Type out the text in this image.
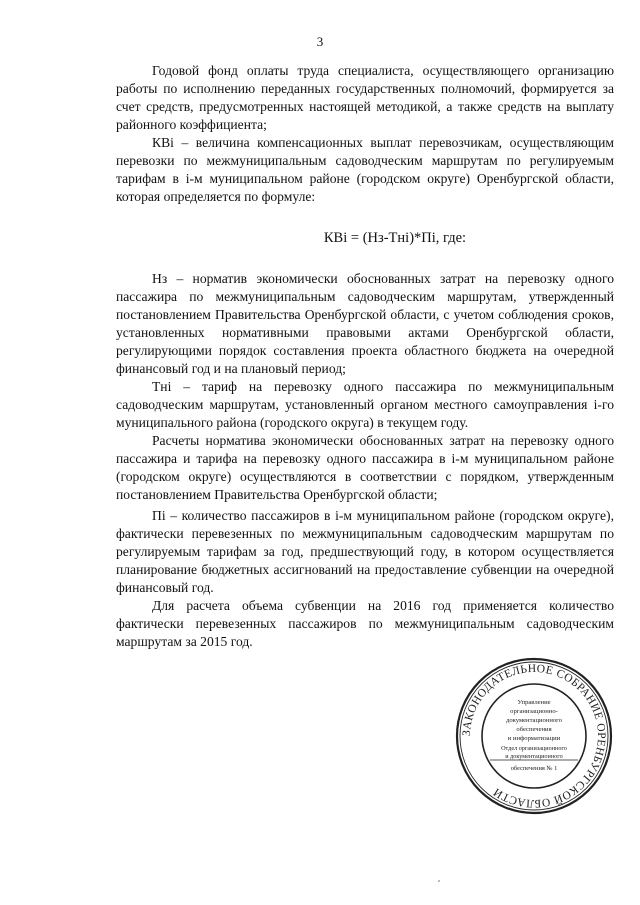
3

Годовой фонд оплаты труда специалиста, осуществляющего организацию работы по исполнению переданных государственных полномочий, формируется за счет средств, предусмотренных настоящей методикой, а также средств на выплату районного коэффициента;

КВi – величина компенсационных выплат перевозчикам, осуществляющим перевозки по межмуниципальным садоводческим маршрутам по регулируемым тарифам в i-м муниципальном районе (городском округе) Оренбургской области, которая определяется по формуле:

КВi = (Нз-Тнi)*Пi, где:

Нз – норматив экономически обоснованных затрат на перевозку одного пассажира по межмуниципальным садоводческим маршрутам, утвержденный постановлением Правительства Оренбургской области, с учетом соблюдения сроков, установленных нормативными правовыми актами Оренбургской области, регулирующими порядок составления проекта областного бюджета на очередной финансовый год и на плановый период;

Тнi – тариф на перевозку одного пассажира по межмуниципальным садоводческим маршрутам, установленный органом местного самоуправления i-го муниципального района (городского округа) в текущем году.

Расчеты норматива экономически обоснованных затрат на перевозку одного пассажира и тарифа на перевозку одного пассажира в i-м муниципальном районе (городском округе) осуществляются в соответствии с порядком, утвержденным постановлением Правительства Оренбургской области;

Пi – количество пассажиров в i-м муниципальном районе (городском округе), фактически перевезенных по межмуниципальным садоводческим маршрутам по регулируемым тарифам за год, предшествующий году, в котором осуществляется планирование бюджетных ассигнований на предоставление субвенции на очередной финансовый год.

Для расчета объема субвенции на 2016 год применяется количество фактически перевезенных пассажиров по межмуниципальным садоводческим маршрутам за 2015 год.

ЗАКОНОДАТЕЛЬНОЕ СОБРАНИЕ ОРЕНБУРГСКОЙ ОБЛАСТИ
Управление
организационно-
документационного
обеспечения
и информатизации
Отдел организационного
и документационного
обеспечения № 1
